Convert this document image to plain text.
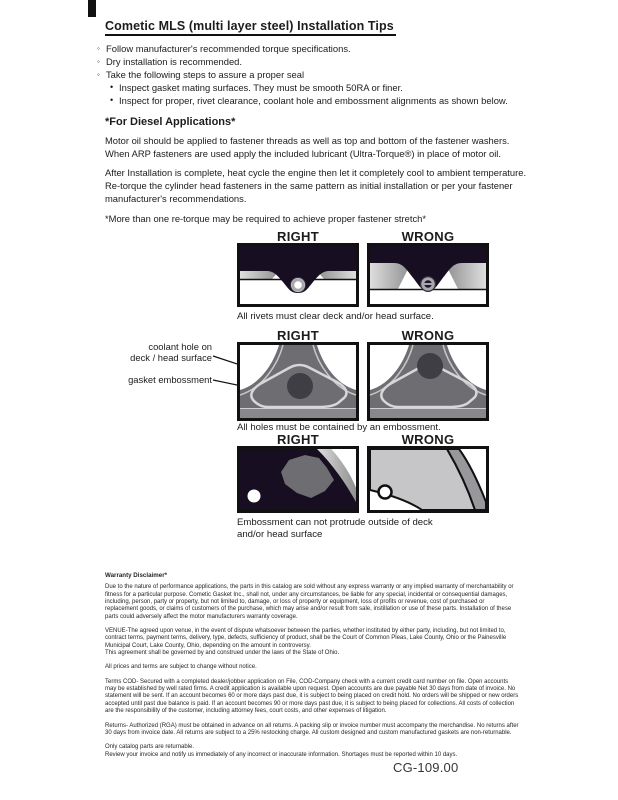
Cometic MLS (multi layer steel) Installation Tips
◦ Follow manufacturer's recommended torque specifications.
◦ Dry installation is recommended.
◦ Take the following steps to assure a proper seal
• Inspect gasket mating surfaces. They must be smooth 50RA or finer.
• Inspect for proper, rivet clearance, coolant hole and embossment alignments as shown below.
*For Diesel Applications*
Motor oil should be applied to fastener threads as well as top and bottom of the fastener washers. When ARP fasteners are used apply the included lubricant (Ultra-Torque®) in place of motor oil.
After Installation is complete, heat cycle the engine then let it completely cool to ambient temperature. Re-torque the cylinder head fasteners in the same pattern as initial installation or per your fastener manufacturer's recommendations.
*More than one re-torque may be required to achieve proper fastener stretch*
RIGHT	WRONG
All rivets must clear deck and/or head surface.
RIGHT	WRONG
coolant hole on
deck / head surface
gasket embossment
All holes must be contained by an embossment.
RIGHT	WRONG
Embossment can not protrude outside of deck and/or head surface
Warranty Disclaimer*

Due to the nature of performance applications, the parts in this catalog are sold without any express warranty or any implied warranty of merchantability or fitness for a particular purpose. Cometic Gasket Inc., shall not, under any circumstances, be liable for any special, incidental or consequential damages, including, person, party or property, but not limited to, damage, or loss of property or equipment, loss of profits or revenue, cost of purchased or replacement goods, or claims of customers of the purchase, which may arise and/or result from sale, instillation or use of these parts. Installation of these parts could adversely affect the motor manufacturers warranty coverage.

VENUE-The agreed upon venue, in the event of dispute whatsoever between the parties, whether instituted by either party, including, but not limited to, contract terms, payment terms, delivery, type, defects, sufficiency of product, shall be the Court of Common Pleas, Lake County, Ohio or the Painesville Municipal Court, Lake County, Ohio, depending on the amount in controversy.

This agreement shall be governed by and construed under the laws of the State of Ohio.

All prices and terms are subject to change without notice.

Terms COD- Secured with a completed dealer/jobber application on File, COD-Company check with a current credit card number on file. Open accounts may be established by well rated firms. A credit application is available upon request. Open accounts are due payable Net 30 days from date of invoice. No statement will be sent. If an account becomes 60 or more days past due, it is subject to being placed on credit hold. No orders will be shipped or new orders accepted until past due balance is paid. If an account becomes 90 or more days past due, it is subject to being placed for collections. All costs of collection are the responsibility of the customer, including attorney fees, court costs, and other expenses of litigation.

Returns- Authorized (RGA) must be obtained in advance on all returns. A packing slip or invoice number must accompany the merchandise. No returns after 30 days from invoice date. All returns are subject to a 25% restocking charge. All custom designed and custom manufactured gaskets are non-returnable.

Only catalog parts are returnable.

Review your invoice and notify us immediately of any incorrect or inaccurate information. Shortages must be reported within 10 days.

CG-109.00
